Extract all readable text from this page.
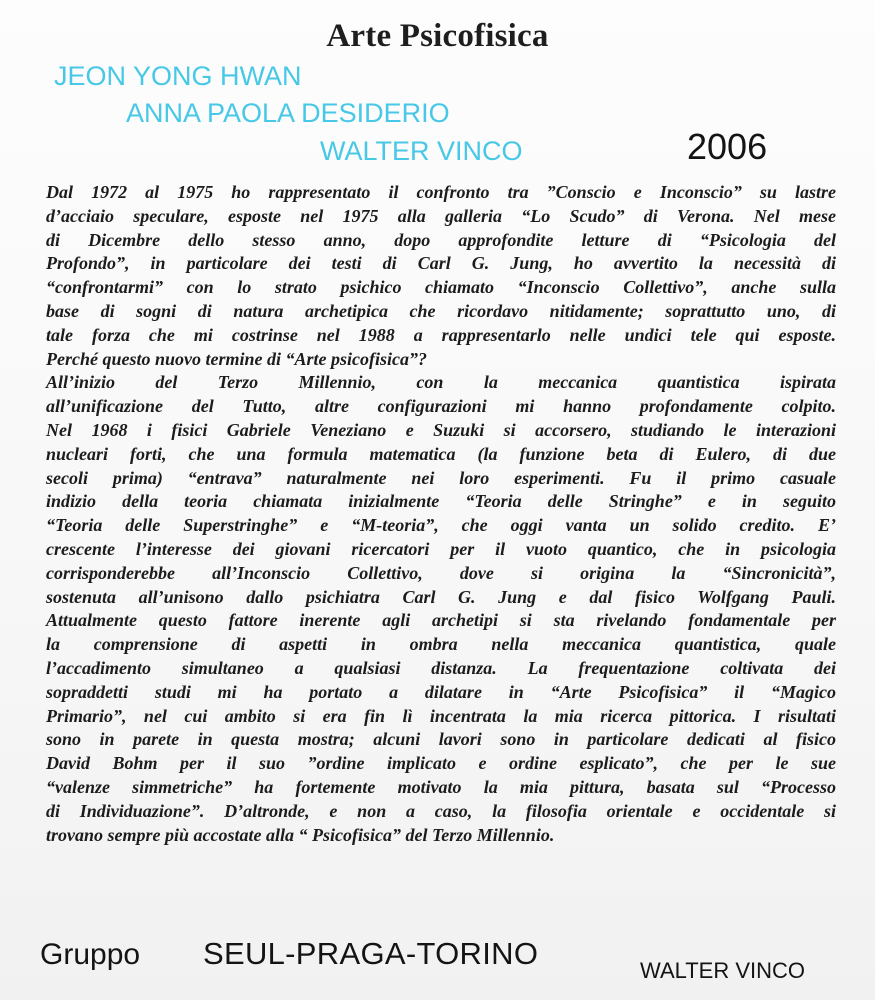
Arte Psicofisica
JEON YONG HWAN
ANNA PAOLA DESIDERIO
WALTER VINCO	2006
Dal 1972 al 1975 ho rappresentato il confronto tra ”Conscio e Inconscio” su lastre
d’acciaio speculare, esposte nel 1975 alla galleria “Lo Scudo” di Verona. Nel mese
di Dicembre dello stesso anno, dopo approfondite letture di “Psicologia del
Profondo”, in particolare dei testi di Carl G. Jung, ho avvertito la necessità di
“confrontarmi” con lo strato psichico chiamato “Inconscio Collettivo”, anche sulla
base di sogni di natura archetipica che ricordavo nitidamente; soprattutto uno, di
tale forza che mi costrinse nel 1988 a rappresentarlo nelle undici tele qui esposte.
Perché questo nuovo termine di “Arte psicofisica”?
All’inizio del Terzo Millennio, con la meccanica quantistica ispirata
all’unificazione del Tutto, altre configurazioni mi hanno profondamente colpito.
Nel 1968 i fisici Gabriele Veneziano e Suzuki si accorsero, studiando le interazioni
nucleari forti, che una formula matematica (la funzione beta di Eulero, di due
secoli prima) “entrava” naturalmente nei loro esperimenti. Fu il primo casuale
indizio della teoria chiamata inizialmente “Teoria delle Stringhe” e in seguito
“Teoria delle Superstringhe” e “M-teoria”, che oggi vanta un solido credito. E’
crescente l’interesse dei giovani ricercatori per il vuoto quantico, che in psicologia
corrisponderebbe all’Inconscio Collettivo, dove si origina la “Sincronicità”,
sostenuta all’unisono dallo psichiatra Carl G. Jung e dal fisico Wolfgang Pauli.
Attualmente questo fattore inerente agli archetipi si sta rivelando fondamentale per
la comprensione di aspetti in ombra nella meccanica quantistica, quale
l’accadimento simultaneo a qualsiasi distanza. La frequentazione coltivata dei
sopraddetti studi mi ha portato a dilatare in “Arte Psicofisica” il “Magico
Primario”, nel cui ambito si era fin lì incentrata la mia ricerca pittorica. I risultati
sono in parete in questa mostra; alcuni lavori sono in particolare dedicati al fisico
David Bohm per il suo ”ordine implicato e ordine esplicato”, che per le sue
“valenze simmetriche” ha fortemente motivato la mia pittura, basata sul “Processo
di Individuazione”. D’altronde, e non a caso, la filosofia orientale e occidentale si
trovano sempre più accostate alla “ Psicofisica” del Terzo Millennio.
Gruppo SEUL-PRAGA-TORINO	WALTER VINCO
